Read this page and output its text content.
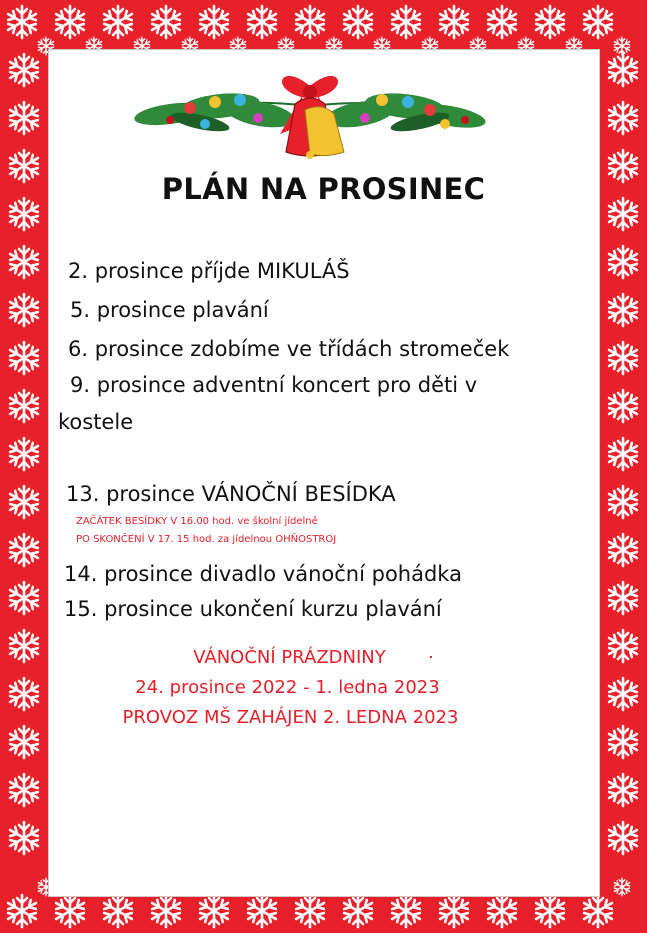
PLÁN NA PROSINEC
2. prosince příjde MIKULÁŠ
5. prosince plavání
6. prosince zdobíme ve třídách stromeček
9. prosince adventní koncert pro děti v
kostele
13. prosince VÁNOČNÍ BESÍDKA
ZAČÁTEK BESÍDKY V 16.00 hod. ve školní jídelně
PO SKONČENÍ V 17. 15 hod. za jídelnou OHŇOSTROJ
14. prosince divadlo vánoční pohádka
15. prosince ukončení kurzu plavání
VÁNOČNÍ PRÁZDNINY
24. prosince 2022 - 1. ledna 2023
PROVOZ MŠ ZAHÁJEN 2. LEDNA 2023
